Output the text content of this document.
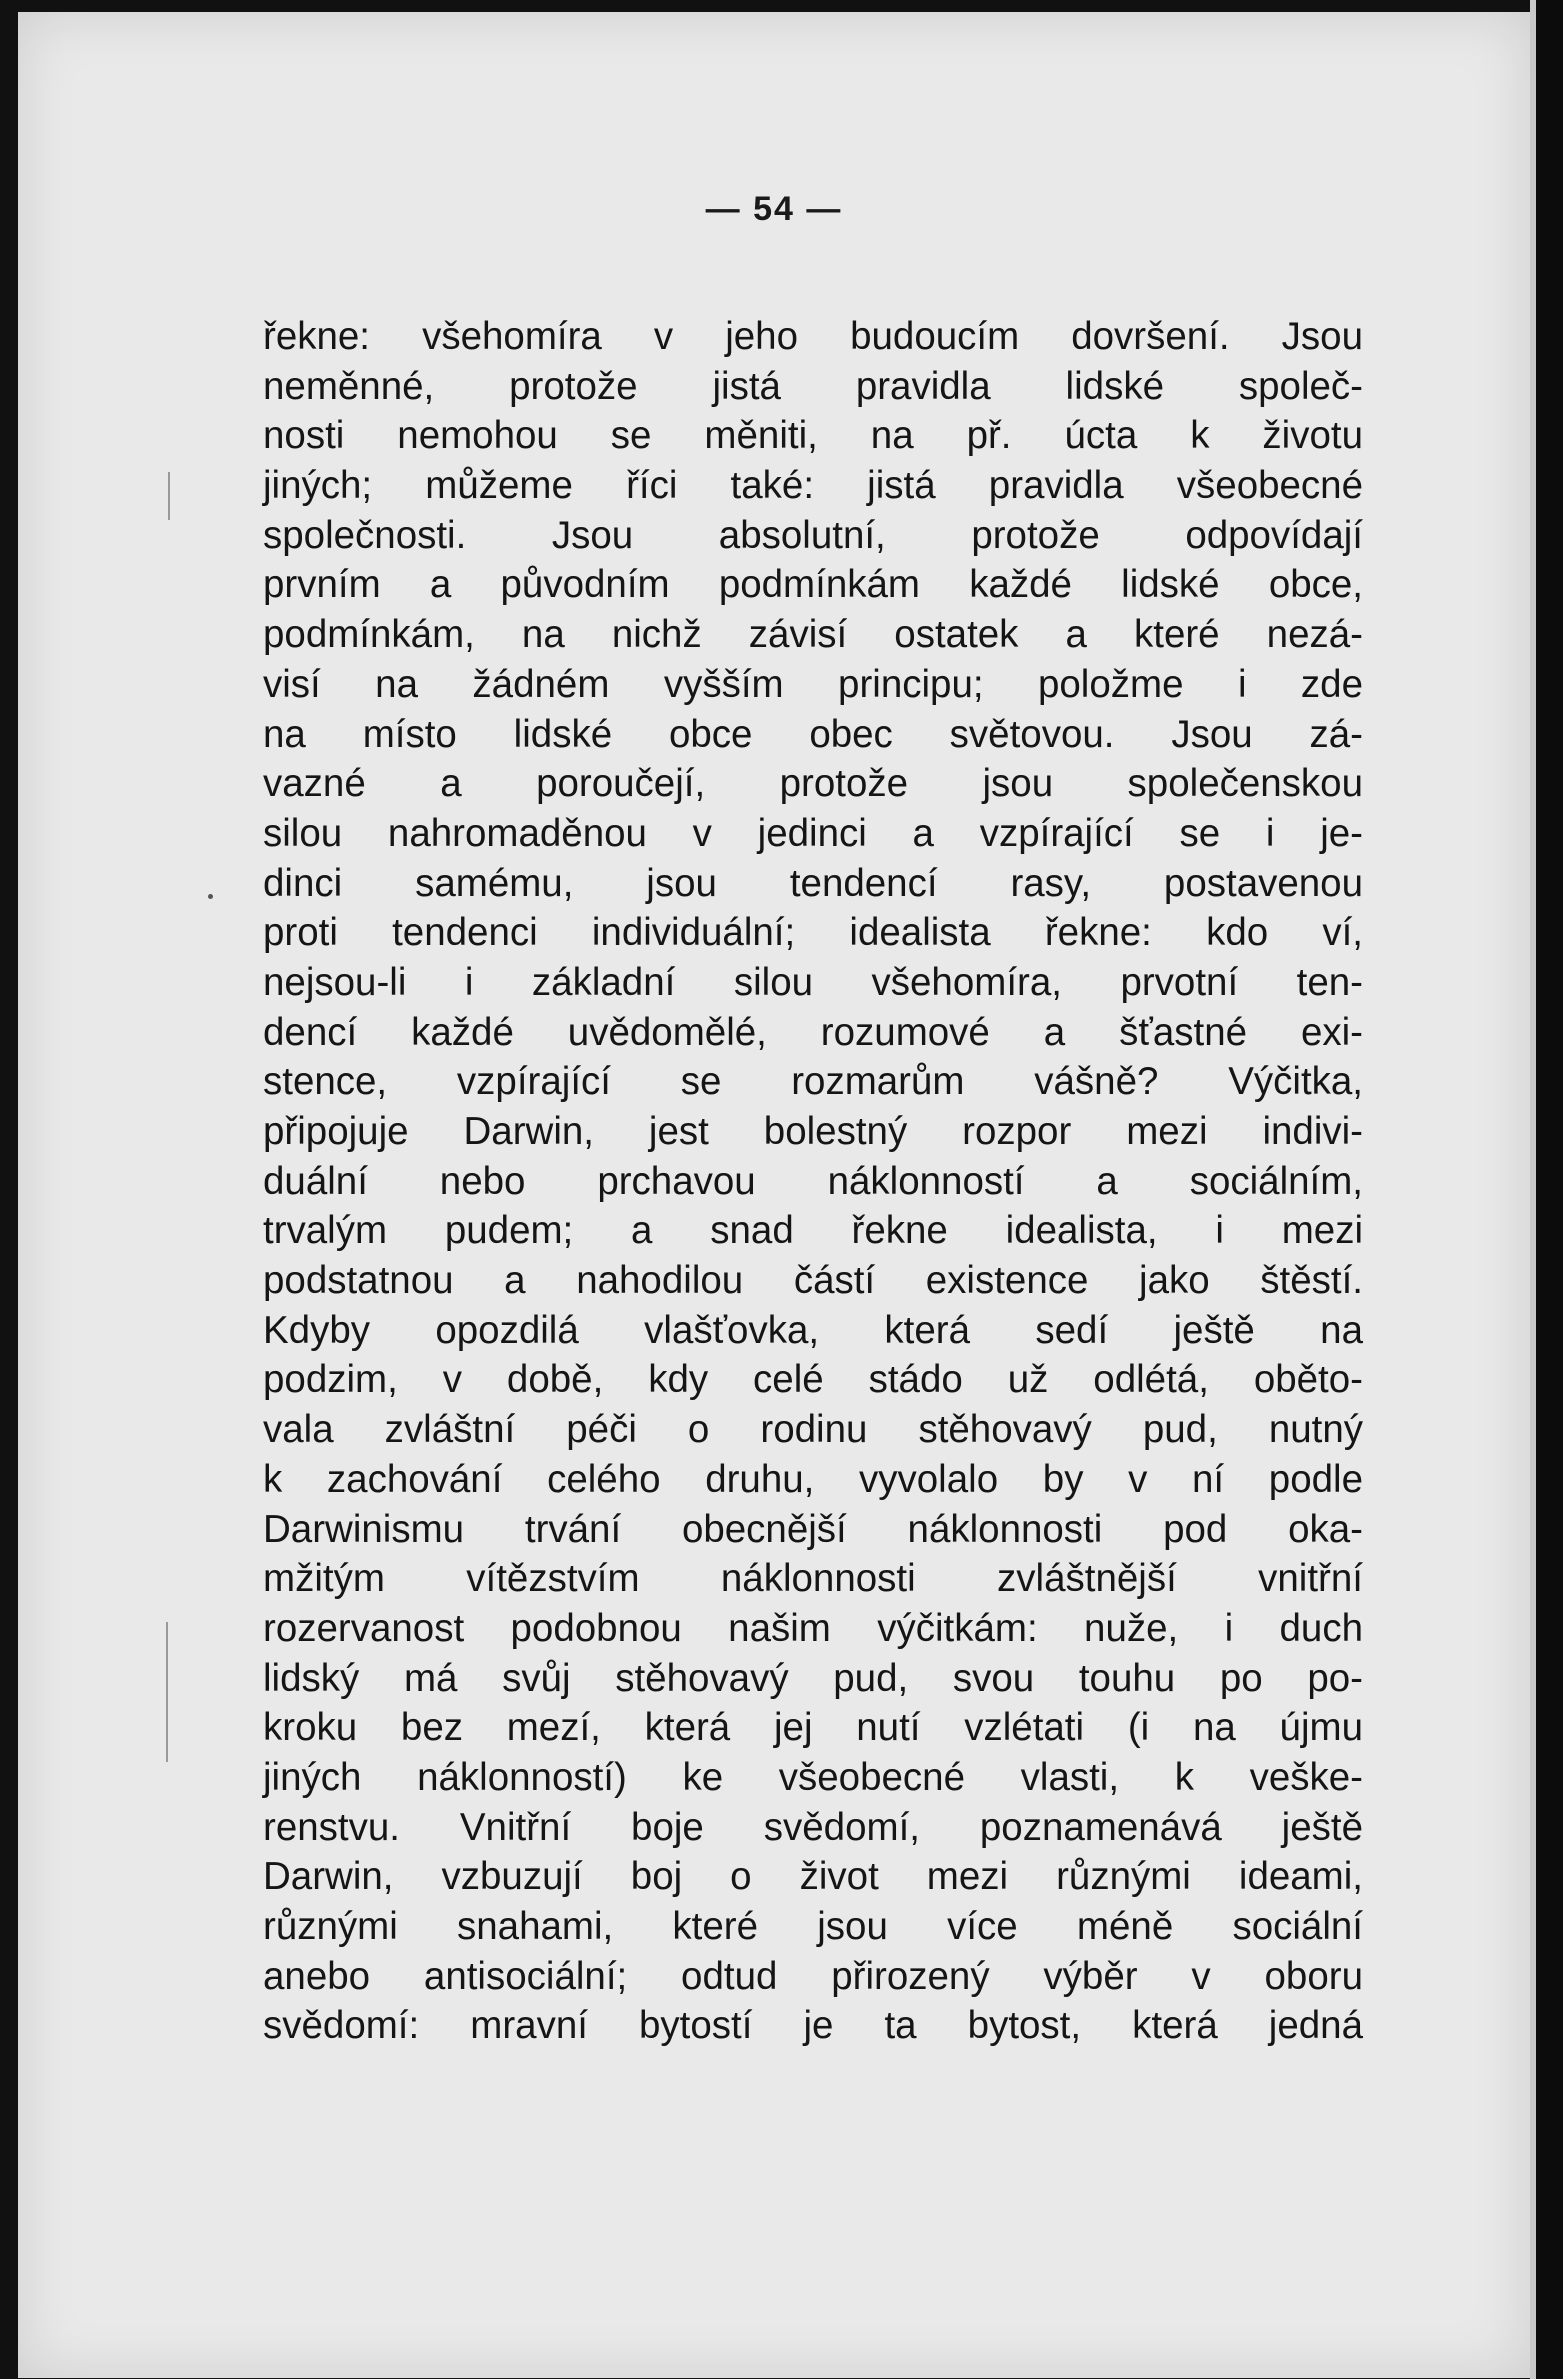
— 54 —
řekne: všehomíra v jeho budoucím dovršení. Jsou
neměnné, protože jistá pravidla lidské společ-
nosti nemohou se měniti, na př. úcta k životu
jiných; můžeme říci také: jistá pravidla všeobecné
společnosti. Jsou absolutní, protože odpovídají
prvním a původním podmínkám každé lidské obce,
podmínkám, na nichž závisí ostatek a které nezá-
visí na žádném vyšším principu; položme i zde
na místo lidské obce obec světovou. Jsou zá-
vazné a poroučejí, protože jsou společenskou
silou nahromaděnou v jedinci a vzpírající se i je-
dinci samému, jsou tendencí rasy, postavenou
proti tendenci individuální; idealista řekne: kdo ví,
nejsou-li i základní silou všehomíra, prvotní ten-
dencí každé uvědomělé, rozumové a šťastné exi-
stence, vzpírající se rozmarům vášně? Výčitka,
připojuje Darwin, jest bolestný rozpor mezi indivi-
duální nebo prchavou náklonností a sociálním,
trvalým pudem; a snad řekne idealista, i mezi
podstatnou a nahodilou částí existence jako štěstí.
Kdyby opozdilá vlašťovka, která sedí ještě na
podzim, v době, kdy celé stádo už odlétá, oběto-
vala zvláštní péči o rodinu stěhovavý pud, nutný
k zachování celého druhu, vyvolalo by v ní podle
Darwinismu trvání obecnější náklonnosti pod oka-
mžitým vítězstvím náklonnosti zvláštnější vnitřní
rozervanost podobnou našim výčitkám: nuže, i duch
lidský má svůj stěhovavý pud, svou touhu po po-
kroku bez mezí, která jej nutí vzlétati (i na újmu
jiných náklonností) ke všeobecné vlasti, k veške-
renstvu. Vnitřní boje svědomí, poznamenává ještě
Darwin, vzbuzují boj o život mezi různými ideami,
různými snahami, které jsou více méně sociální
anebo antisociální; odtud přirozený výběr v oboru
svědomí: mravní bytostí je ta bytost, která jedná
